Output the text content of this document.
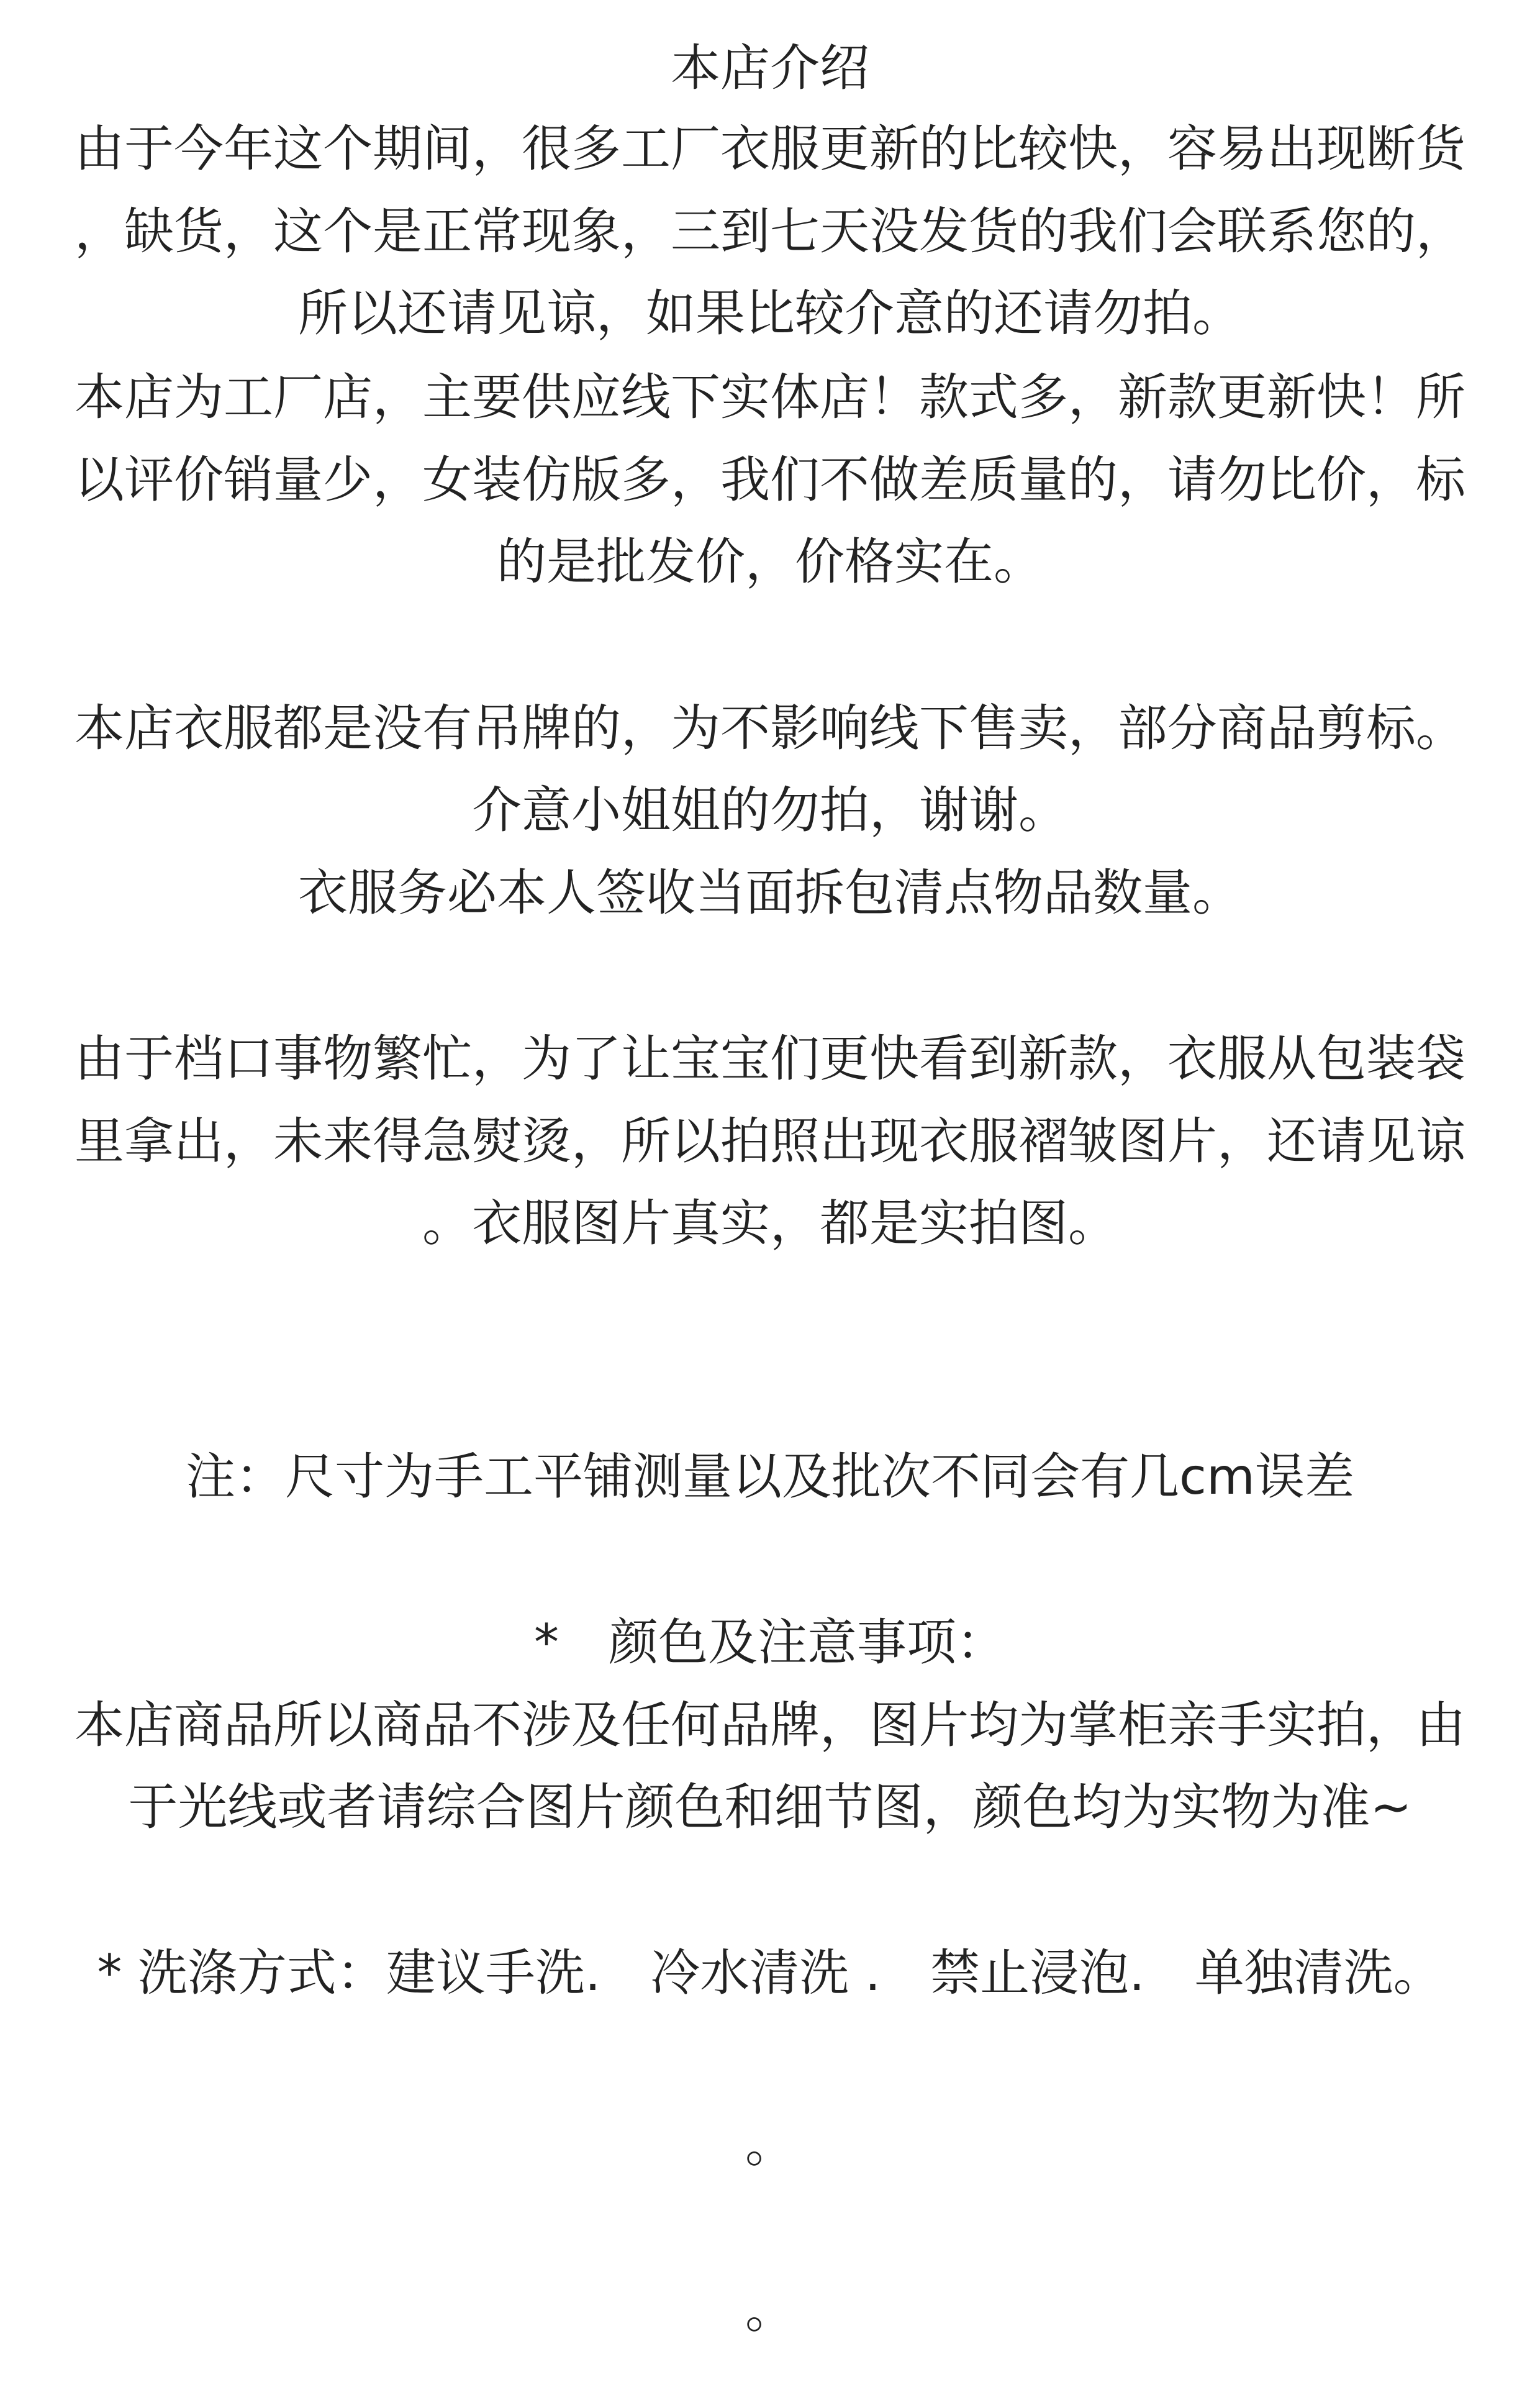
本店介绍
由于今年这个期间，很多工厂衣服更新的比较快，容易出现断货
，缺货，这个是正常现象，三到七天没发货的我们会联系您的，
所以还请见谅，如果比较介意的还请勿拍。
本店为工厂店，主要供应线下实体店！款式多，新款更新快！所
以评价销量少，女装仿版多，我们不做差质量的，请勿比价，标
的是批发价，价格实在。
本店衣服都是没有吊牌的，为不影响线下售卖，部分商品剪标。
介意小姐姐的勿拍，谢谢。
衣服务必本人签收当面拆包清点物品数量。
由于档口事物繁忙，为了让宝宝们更快看到新款，衣服从包装袋
里拿出，未来得急熨烫，所以拍照出现衣服褶皱图片，还请见谅
。衣服图片真实，都是实拍图。
注：尺寸为手工平铺测量以及批次不同会有几cm误差
*　颜色及注意事项：
本店商品所以商品不涉及任何品牌，图片均为掌柜亲手实拍，由
于光线或者请综合图片颜色和细节图，颜色均为实物为准~
* 洗涤方式：建议手洗.　冷水清洗 .　禁止浸泡.　单独清洗。
。
。
